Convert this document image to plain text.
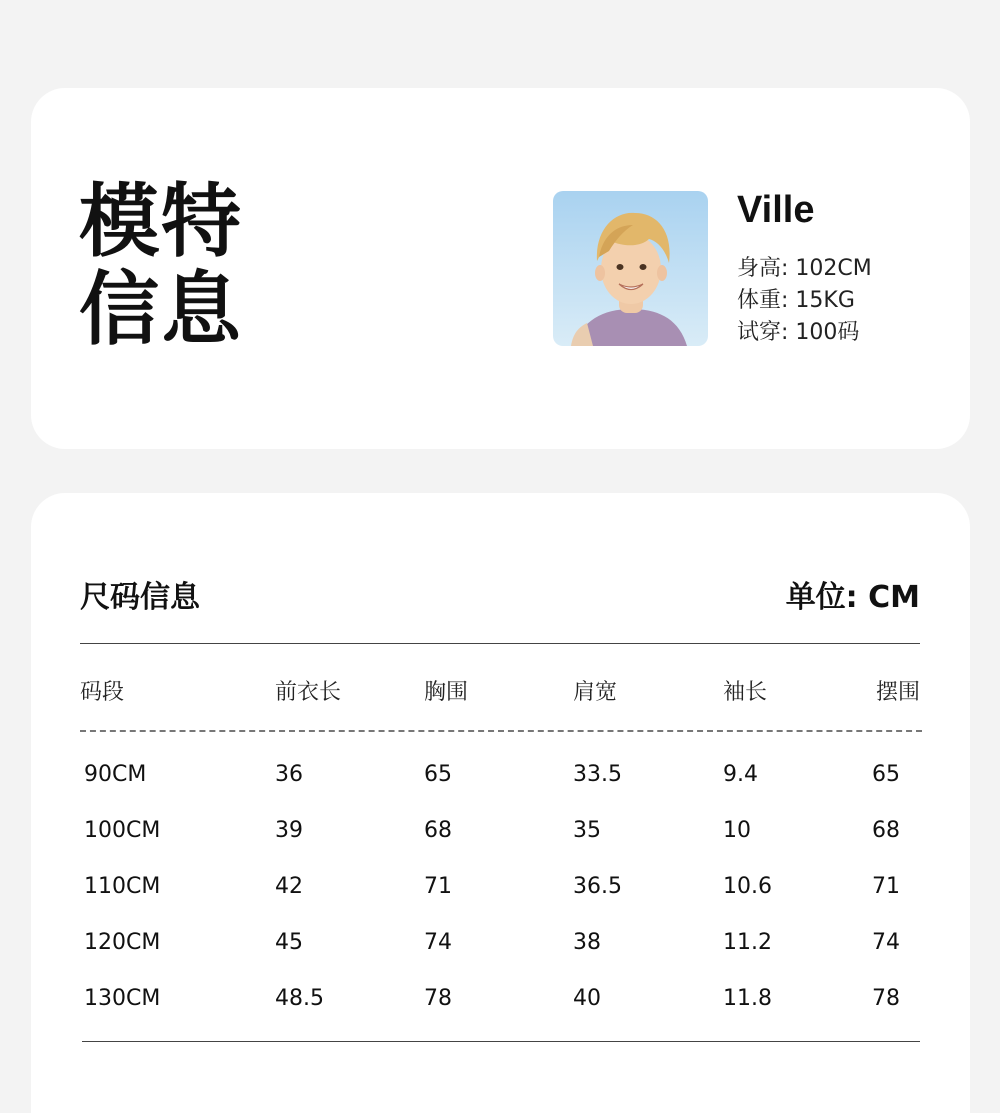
模特
信息
Ville
身高: 102CM
体重: 15KG
试穿: 100码
尺码信息	单位: CM
码段	前衣长	胸围	肩宽	袖长	摆围
90CM	36	65	33.5	9.4	65
100CM	39	68	35	10	68
110CM	42	71	36.5	10.6	71
120CM	45	74	38	11.2	74
130CM	48.5	78	40	11.8	78
